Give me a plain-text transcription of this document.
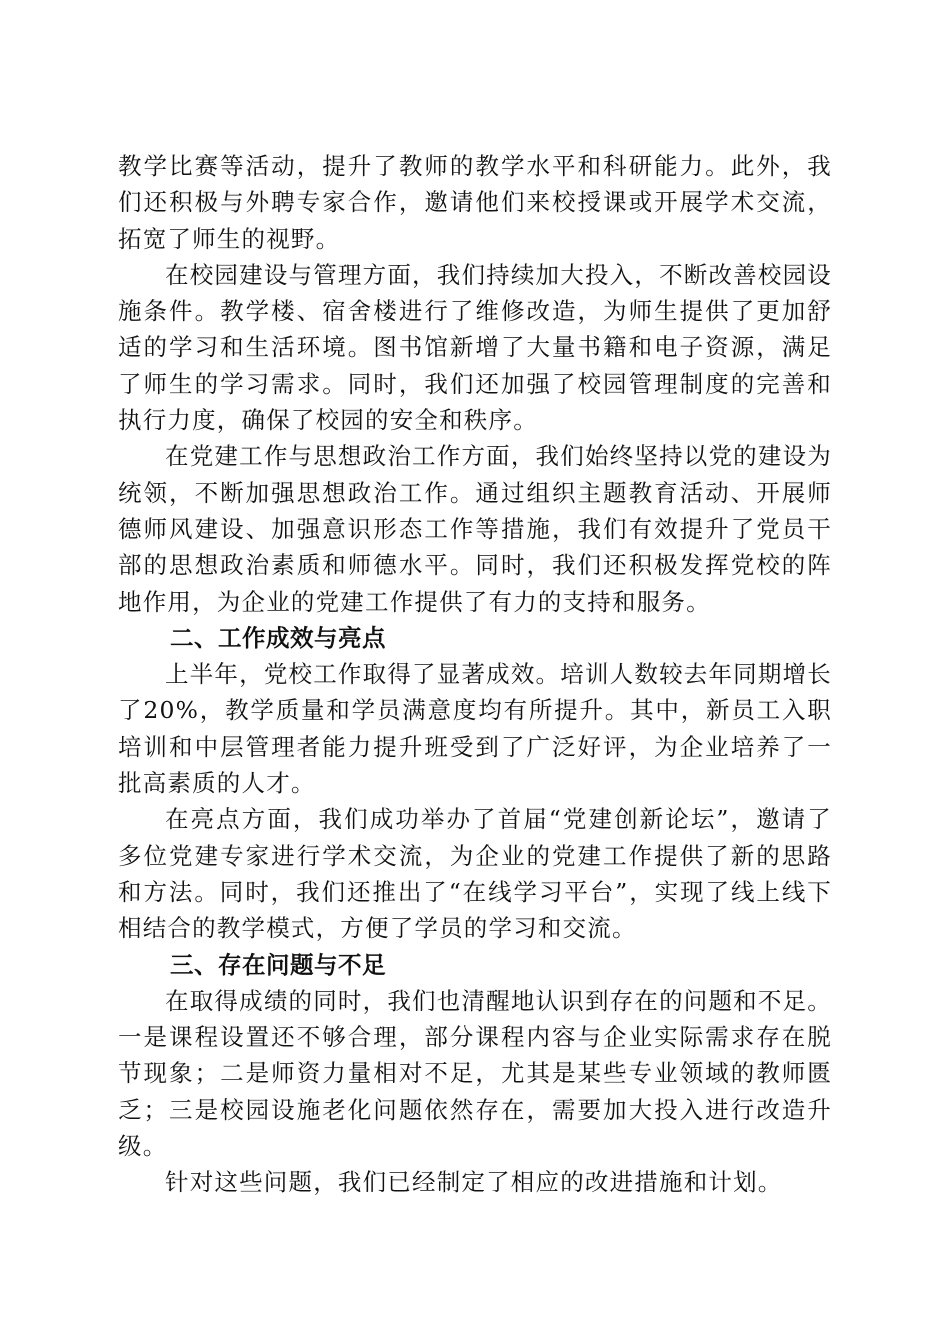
教学比赛等活动，提升了教师的教学水平和科研能力。此外，我们还积极与外聘专家合作，邀请他们来校授课或开展学术交流，拓宽了师生的视野。

在校园建设与管理方面，我们持续加大投入，不断改善校园设施条件。教学楼、宿舍楼进行了维修改造，为师生提供了更加舒适的学习和生活环境。图书馆新增了大量书籍和电子资源，满足了师生的学习需求。同时，我们还加强了校园管理制度的完善和执行力度，确保了校园的安全和秩序。

在党建工作与思想政治工作方面，我们始终坚持以党的建设为统领，不断加强思想政治工作。通过组织主题教育活动、开展师德师风建设、加强意识形态工作等措施，我们有效提升了党员干部的思想政治素质和师德水平。同时，我们还积极发挥党校的阵地作用，为企业的党建工作提供了有力的支持和服务。

二、工作成效与亮点

上半年，党校工作取得了显著成效。培训人数较去年同期增长了20%，教学质量和学员满意度均有所提升。其中，新员工入职培训和中层管理者能力提升班受到了广泛好评，为企业培养了一批高素质的人才。

在亮点方面，我们成功举办了首届“党建创新论坛”，邀请了多位党建专家进行学术交流，为企业的党建工作提供了新的思路和方法。同时，我们还推出了“在线学习平台”，实现了线上线下相结合的教学模式，方便了学员的学习和交流。

三、存在问题与不足

在取得成绩的同时，我们也清醒地认识到存在的问题和不足。一是课程设置还不够合理，部分课程内容与企业实际需求存在脱节现象；二是师资力量相对不足，尤其是某些专业领域的教师匮乏；三是校园设施老化问题依然存在，需要加大投入进行改造升级。

针对这些问题，我们已经制定了相应的改进措施和计划。
